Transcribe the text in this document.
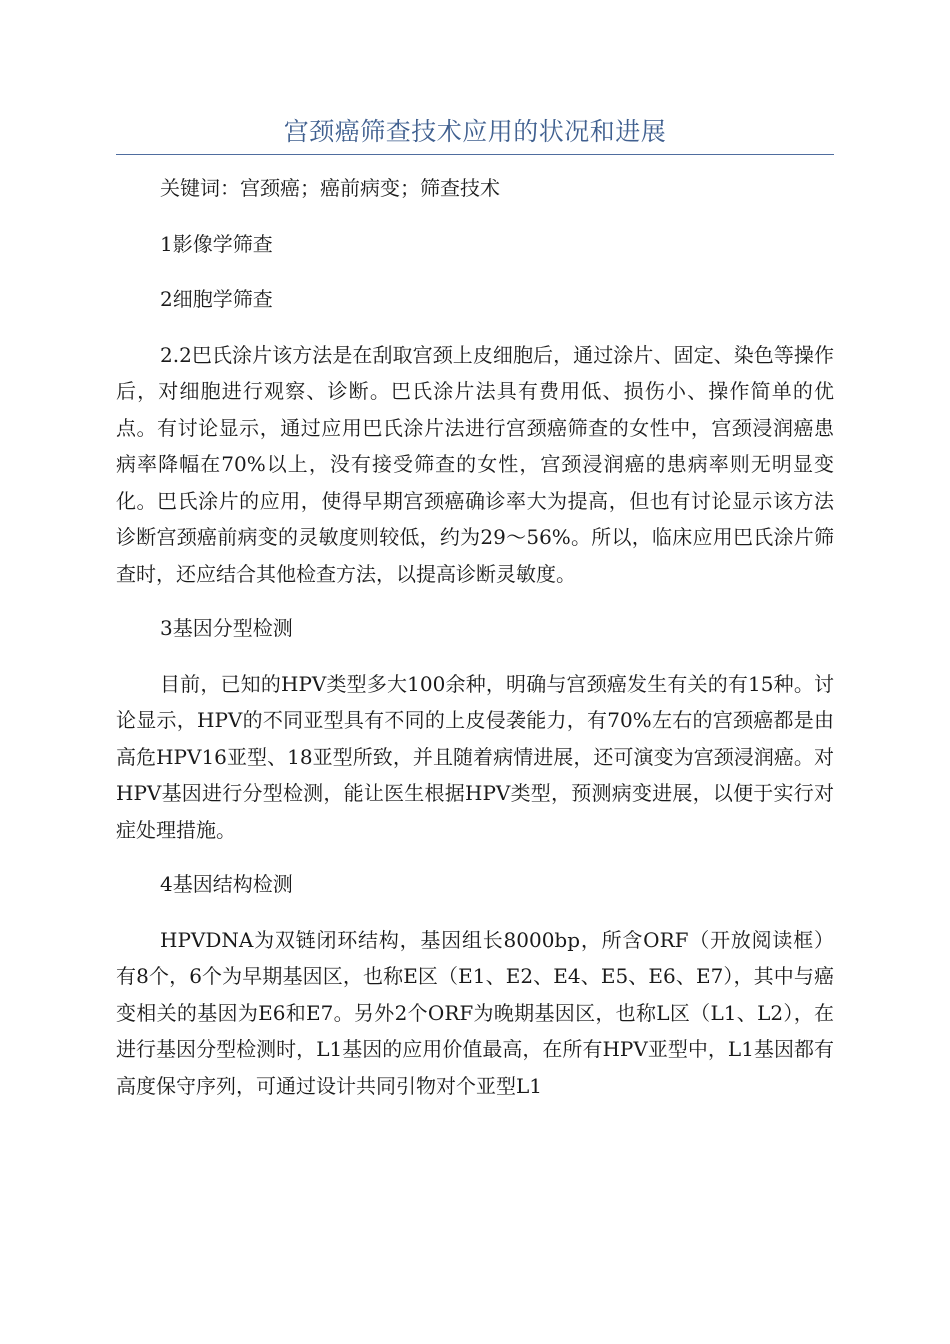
宫颈癌筛查技术应用的状况和进展

关键词：宫颈癌；癌前病变；筛查技术

1影像学筛查

2细胞学筛查

2.2巴氏涂片该方法是在刮取宫颈上皮细胞后，通过涂片、固定、染色等操作后，对细胞进行观察、诊断。巴氏涂片法具有费用低、损伤小、操作简单的优点。有讨论显示，通过应用巴氏涂片法进行宫颈癌筛查的女性中，宫颈浸润癌患病率降幅在70%以上，没有接受筛查的女性，宫颈浸润癌的患病率则无明显变化。巴氏涂片的应用，使得早期宫颈癌确诊率大为提高，但也有讨论显示该方法诊断宫颈癌前病变的灵敏度则较低，约为29～56%。所以，临床应用巴氏涂片筛查时，还应结合其他检查方法，以提高诊断灵敏度。

3基因分型检测

目前，已知的HPV类型多大100余种，明确与宫颈癌发生有关的有15种。讨论显示，HPV的不同亚型具有不同的上皮侵袭能力，有70%左右的宫颈癌都是由高危HPV16亚型、18亚型所致，并且随着病情进展，还可演变为宫颈浸润癌。对HPV基因进行分型检测，能让医生根据HPV类型，预测病变进展，以便于实行对症处理措施。

4基因结构检测

HPVDNA为双链闭环结构，基因组长8000bp，所含ORF（开放阅读框）有8个，6个为早期基因区，也称E区（E1、E2、E4、E5、E6、E7），其中与癌变相关的基因为E6和E7。另外2个ORF为晚期基因区，也称L区（L1、L2），在进行基因分型检测时，L1基因的应用价值最高，在所有HPV亚型中，L1基因都有高度保守序列，可通过设计共同引物对个亚型L1
